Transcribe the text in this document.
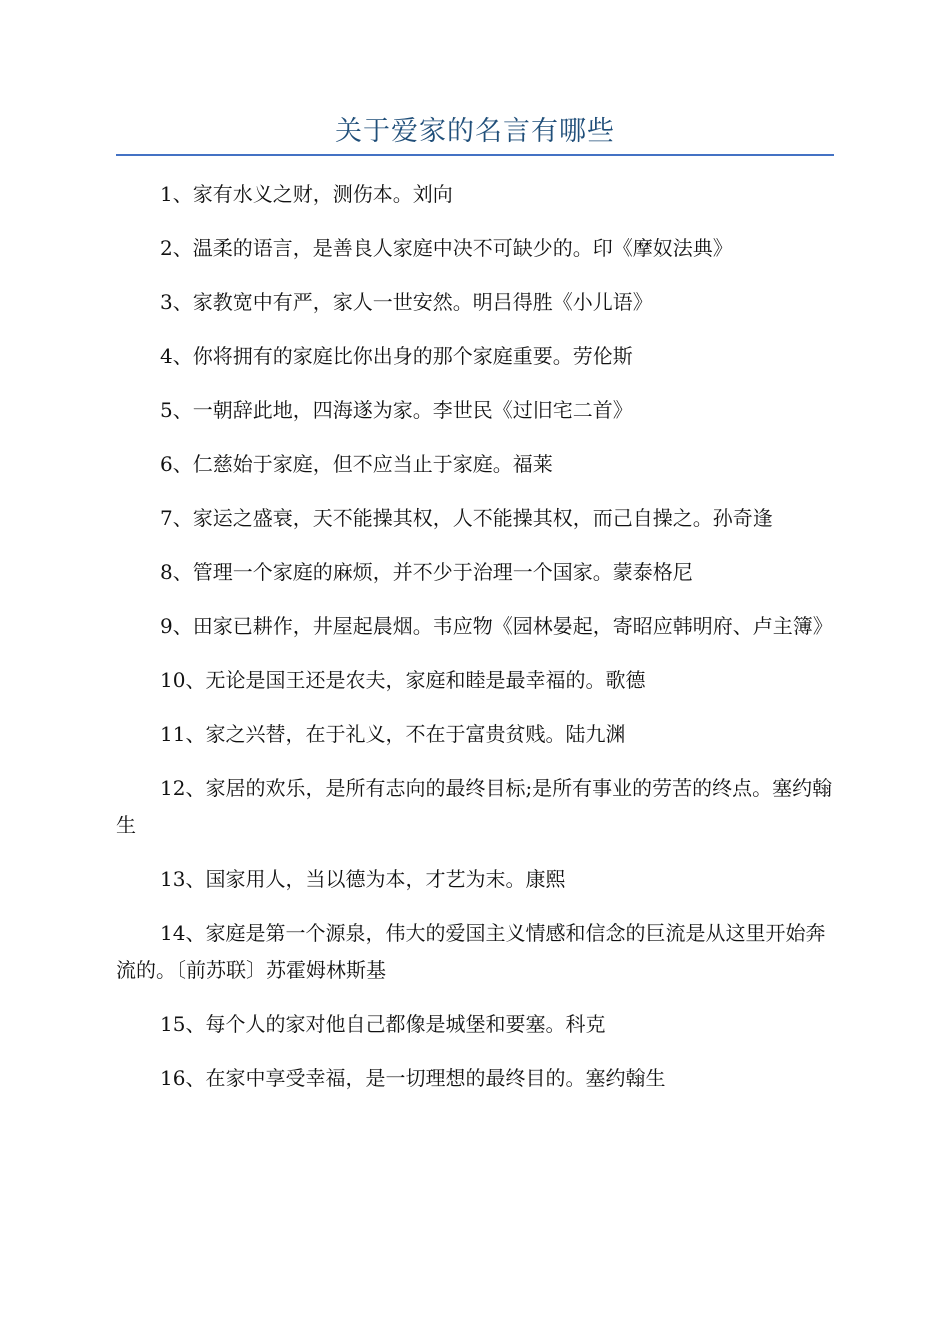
关于爱家的名言有哪些
1、家有水义之财，测伤本。刘向
2、温柔的语言，是善良人家庭中决不可缺少的。印《摩奴法典》
3、家教宽中有严，家人一世安然。明吕得胜《小儿语》
4、你将拥有的家庭比你出身的那个家庭重要。劳伦斯
5、一朝辞此地，四海遂为家。李世民《过旧宅二首》
6、仁慈始于家庭，但不应当止于家庭。福莱
7、家运之盛衰，天不能操其权，人不能操其权，而己自操之。孙奇逢
8、管理一个家庭的麻烦，并不少于治理一个国家。蒙泰格尼
9、田家已耕作，井屋起晨烟。韦应物《园林晏起，寄昭应韩明府、卢主簿》
10、无论是国王还是农夫，家庭和睦是最幸福的。歌德
11、家之兴替，在于礼义，不在于富贵贫贱。陆九渊
12、家居的欢乐，是所有志向的最终目标;是所有事业的劳苦的终点。塞约翰生
13、国家用人，当以德为本，才艺为末。康熙
14、家庭是第一个源泉，伟大的爱国主义情感和信念的巨流是从这里开始奔流的。〔前苏联〕苏霍姆林斯基
15、每个人的家对他自己都像是城堡和要塞。科克
16、在家中享受幸福，是一切理想的最终目的。塞约翰生
